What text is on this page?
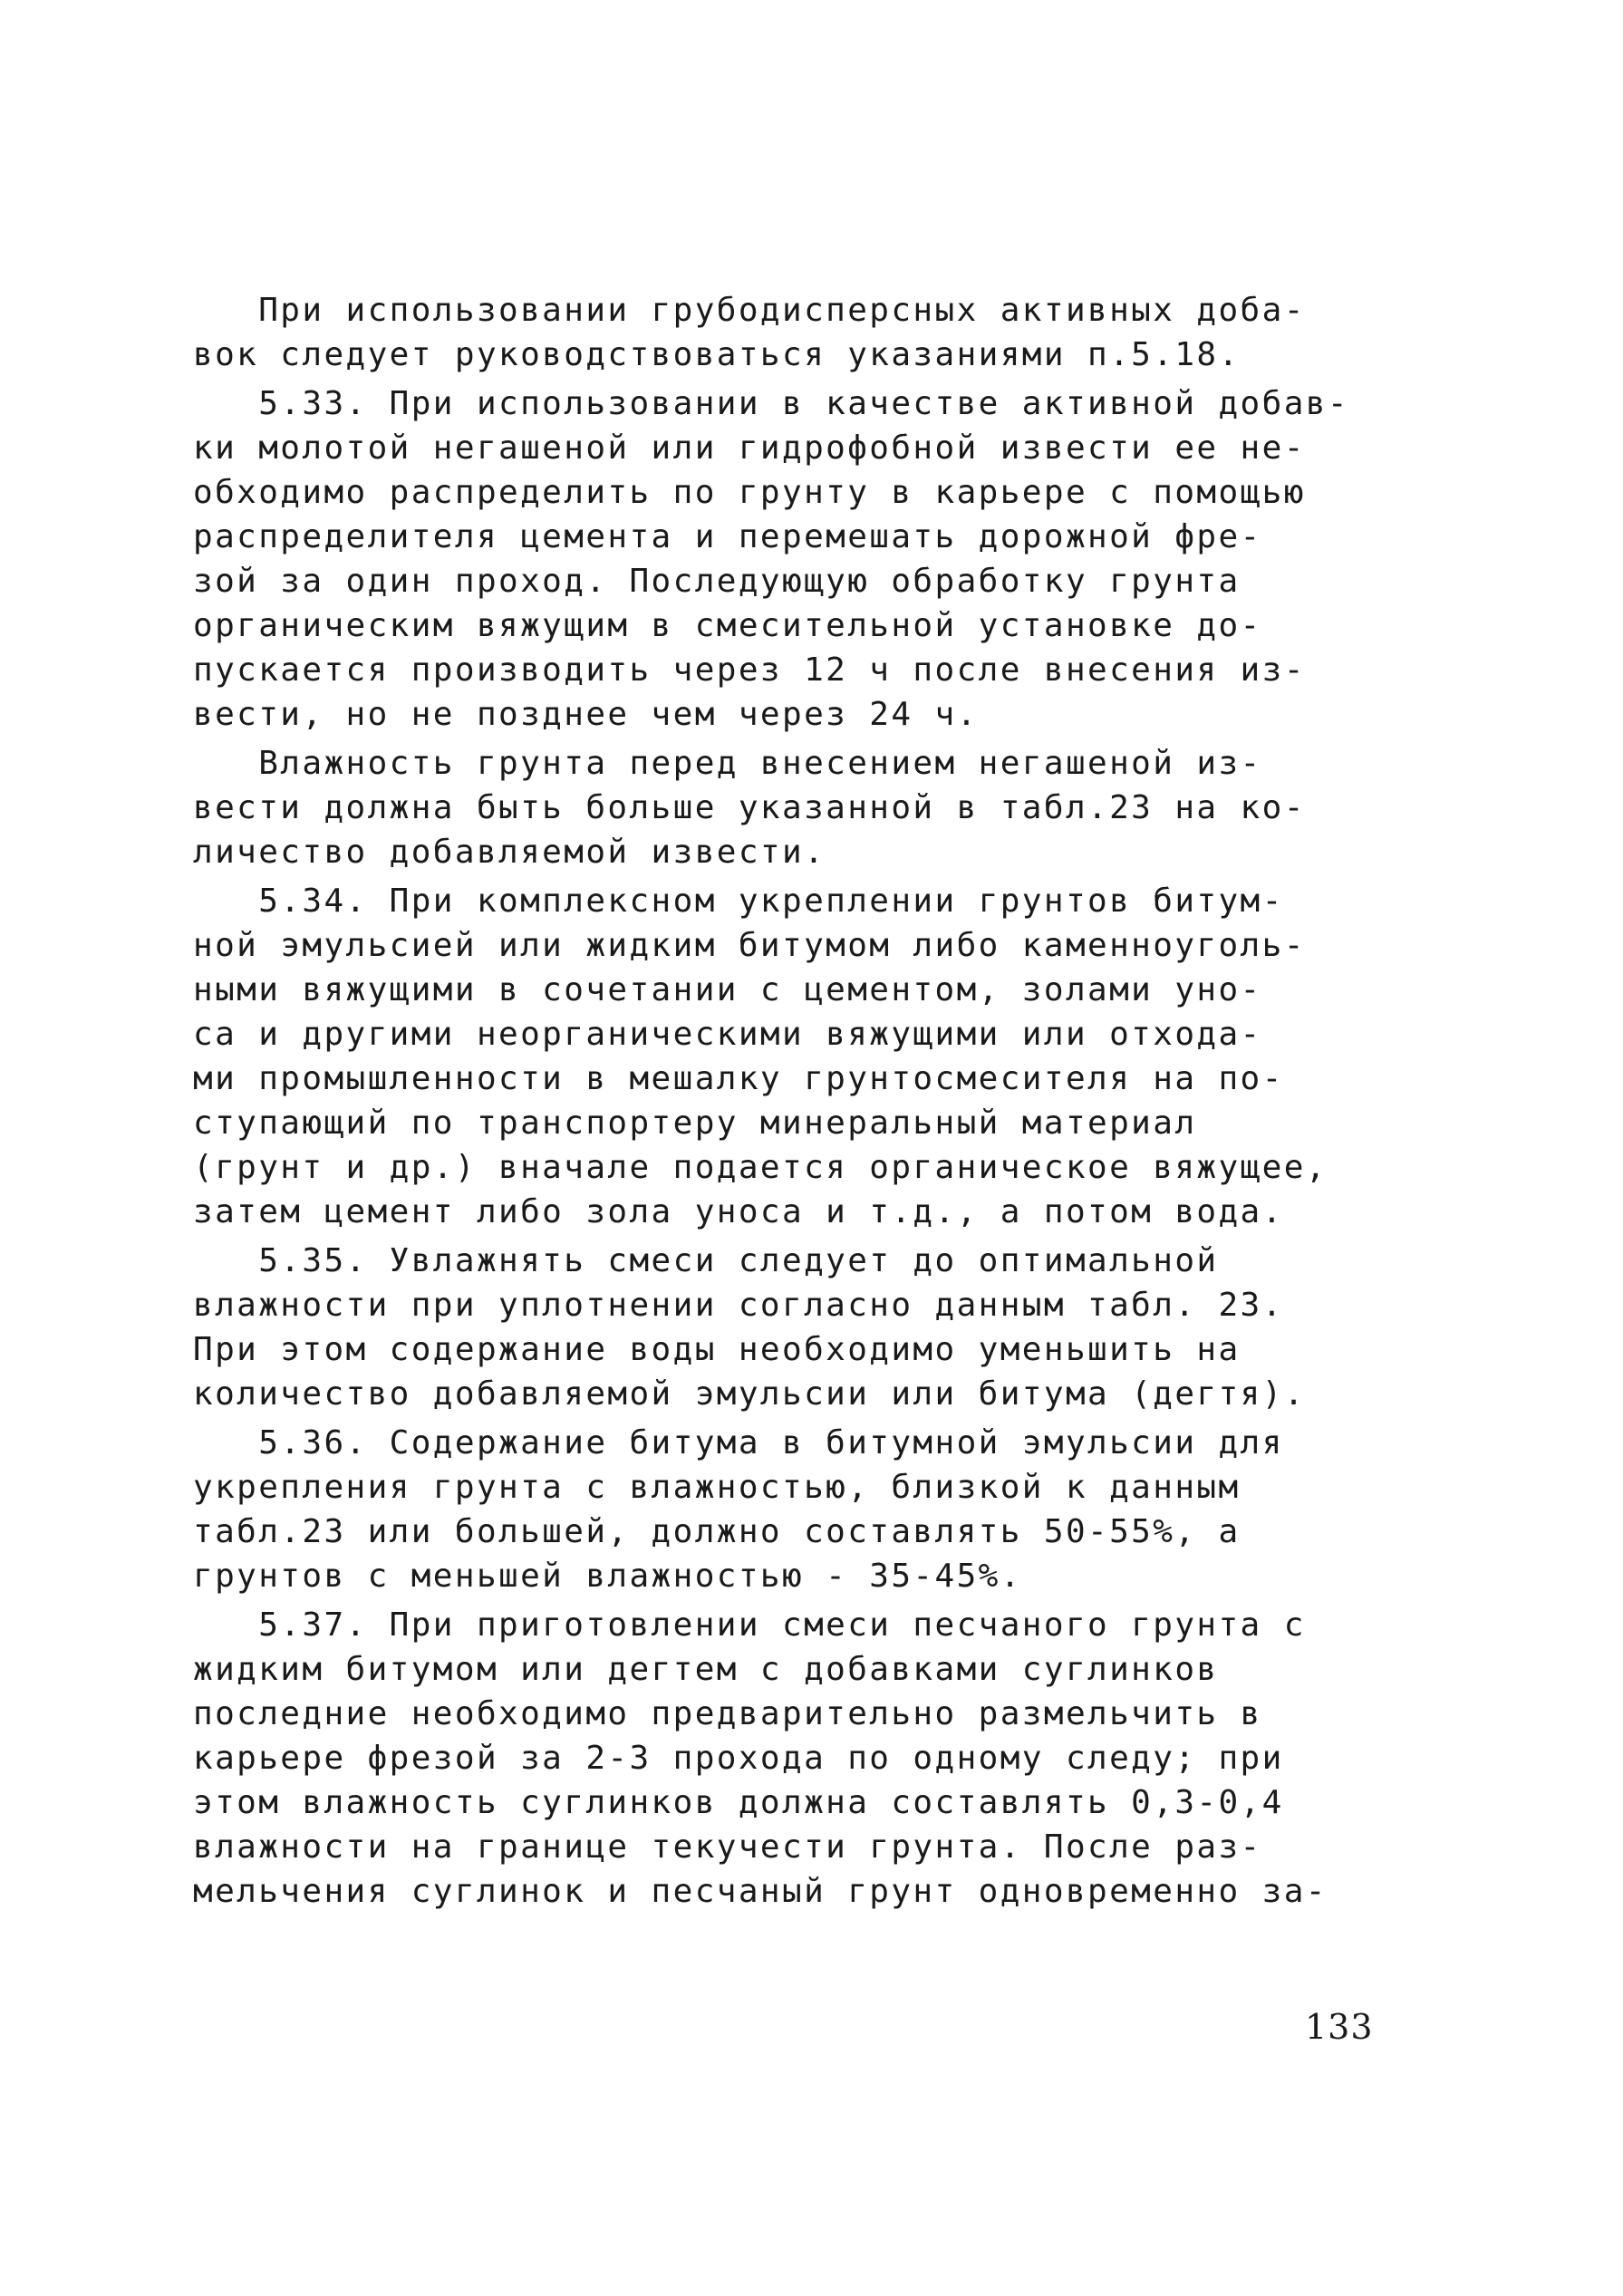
При использовании грубодисперсных активных доба-
вок следует руководствоваться указаниями п.5.18.
5.33. При использовании в качестве активной добав-
ки молотой негашеной или гидрофобной извести ее не-
обходимо распределить по грунту в карьере с помощью
распределителя цемента и перемешать дорожной фре-
зой за один проход. Последующую обработку грунта
органическим вяжущим в смесительной установке до-
пускается производить через 12 ч после внесения из-
вести, но не позднее чем через 24 ч.
Влажность грунта перед внесением негашеной из-
вести должна быть больше указанной в табл.23 на ко-
личество добавляемой извести.
5.34. При комплексном укреплении грунтов битум-
ной эмульсией или жидким битумом либо каменноуголь-
ными вяжущими в сочетании с цементом, золами уно-
са и другими неорганическими вяжущими или отхода-
ми промышленности в мешалку грунтосмесителя на по-
ступающий по транспортеру минеральный материал
(грунт и др.) вначале подается органическое вяжущее,
затем цемент либо зола уноса и т.д., а потом вода.
5.35. Увлажнять смеси следует до оптимальной
влажности при уплотнении согласно данным табл. 23.
При этом содержание воды необходимо уменьшить на
количество добавляемой эмульсии или битума (дегтя).
5.36. Содержание битума в битумной эмульсии для
укрепления грунта с влажностью, близкой к данным
табл.23 или большей, должно составлять 50-55%, а
грунтов с меньшей влажностью - 35-45%.
5.37. При приготовлении смеси песчаного грунта с
жидким битумом или дегтем с добавками суглинков
последние необходимо предварительно размельчить в
карьере фрезой за 2-3 прохода по одному следу; при
этом влажность суглинков должна составлять 0,3-0,4
влажности на границе текучести грунта. После раз-
мельчения суглинок и песчаный грунт одновременно за-
133
